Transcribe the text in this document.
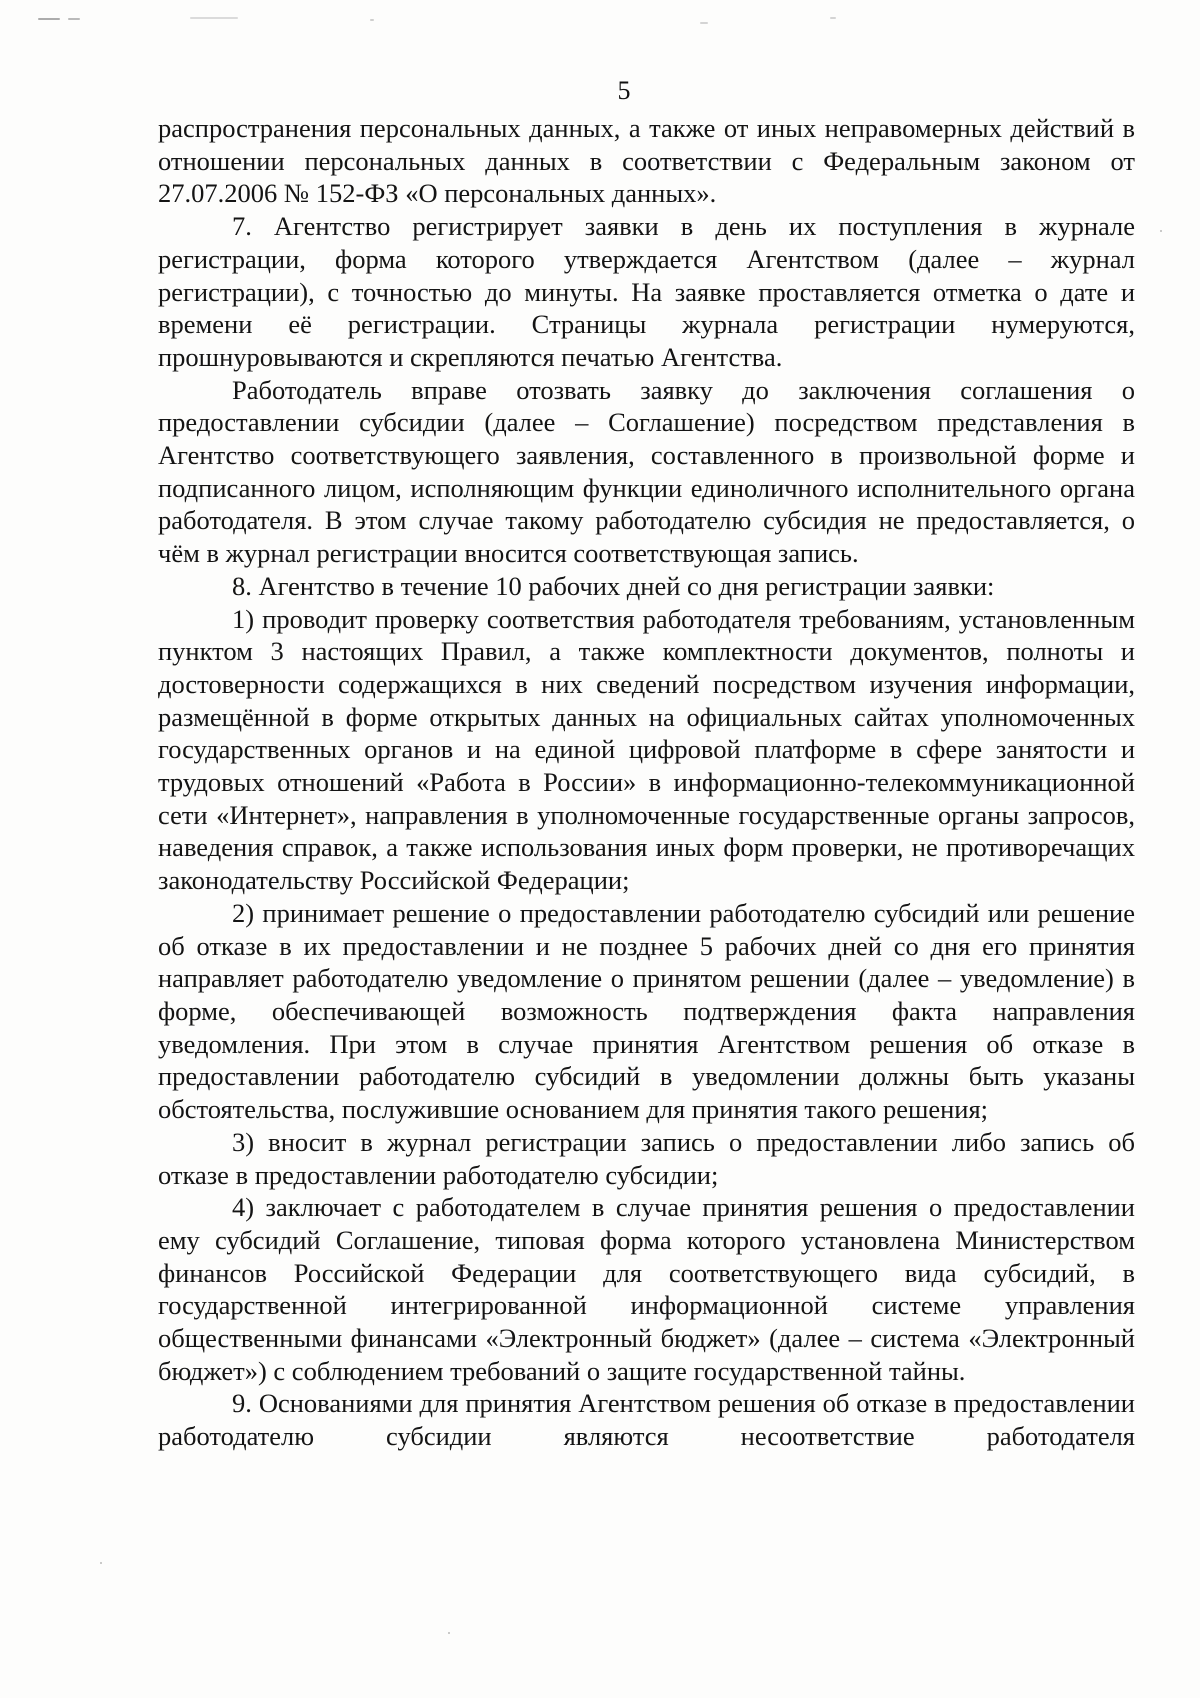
5

распространения персональных данных, а также от иных неправомерных действий в отношении персональных данных в соответствии с Федеральным законом от 27.07.2006 № 152-ФЗ «О персональных данных».

7. Агентство регистрирует заявки в день их поступления в журнале регистрации, форма которого утверждается Агентством (далее – журнал регистрации), с точностью до минуты. На заявке проставляется отметка о дате и времени её регистрации. Страницы журнала регистрации нумеруются, прошнуровываются и скрепляются печатью Агентства.

Работодатель вправе отозвать заявку до заключения соглашения о предоставлении субсидии (далее – Соглашение) посредством представления в Агентство соответствующего заявления, составленного в произвольной форме и подписанного лицом, исполняющим функции единоличного исполнительного органа работодателя. В этом случае такому работодателю субсидия не предоставляется, о чём в журнал регистрации вносится соответствующая запись.

8. Агентство в течение 10 рабочих дней со дня регистрации заявки:

1) проводит проверку соответствия работодателя требованиям, установленным пунктом 3 настоящих Правил, а также комплектности документов, полноты и достоверности содержащихся в них сведений посредством изучения информации, размещённой в форме открытых данных на официальных сайтах уполномоченных государственных органов и на единой цифровой платформе в сфере занятости и трудовых отношений «Работа в России» в информационно-телекоммуникационной сети «Интернет», направления в уполномоченные государственные органы запросов, наведения справок, а также использования иных форм проверки, не противоречащих законодательству Российской Федерации;

2) принимает решение о предоставлении работодателю субсидий или решение об отказе в их предоставлении и не позднее 5 рабочих дней со дня его принятия направляет работодателю уведомление о принятом решении (далее – уведомление) в форме, обеспечивающей возможность подтверждения факта направления уведомления. При этом в случае принятия Агентством решения об отказе в предоставлении работодателю субсидий в уведомлении должны быть указаны обстоятельства, послужившие основанием для принятия такого решения;

3) вносит в журнал регистрации запись о предоставлении либо запись об отказе в предоставлении работодателю субсидии;

4) заключает с работодателем в случае принятия решения о предоставлении ему субсидий Соглашение, типовая форма которого установлена Министерством финансов Российской Федерации для соответствующего вида субсидий, в государственной интегрированной информационной системе управления общественными финансами «Электронный бюджет» (далее – система «Электронный бюджет») с соблюдением требований о защите государственной тайны.

9. Основаниями для принятия Агентством решения об отказе в предоставлении работодателю субсидии являются несоответствие работодателя
